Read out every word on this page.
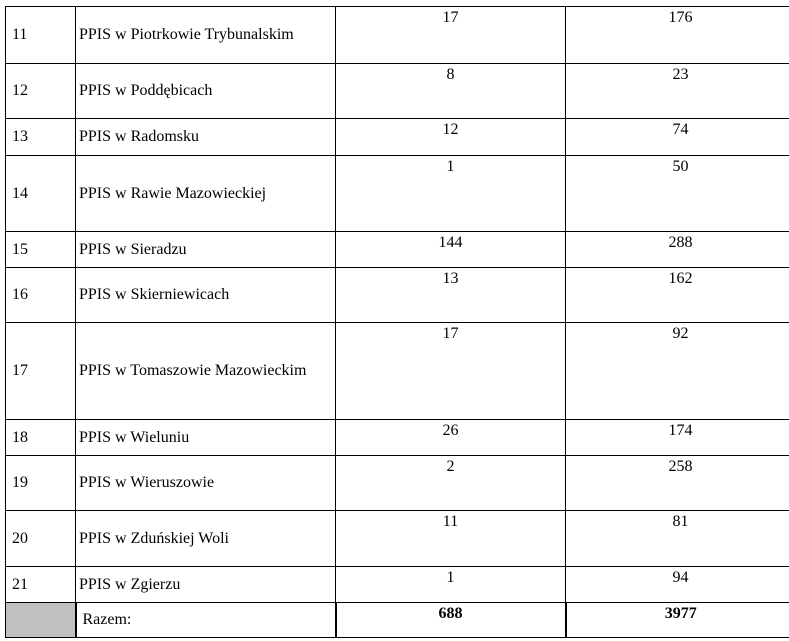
11	PPIS w Piotrkowie Trybunalskim	17	176

12	PPIS w Poddębicach	8	23

13	PPIS w Radomsku	12	74

14	PPIS w Rawie Mazowieckiej	1	50

15	PPIS w Sieradzu	144	288

16	PPIS w Skierniewicach	13	162

17	PPIS w Tomaszowie Mazowieckim	17	92

18	PPIS w Wieluniu	26	174

19	PPIS w Wieruszowie	2	258

20	PPIS w Zduńskiej Woli	11	81

21	PPIS w Zgierzu	1	94

	Razem:	688	3977
